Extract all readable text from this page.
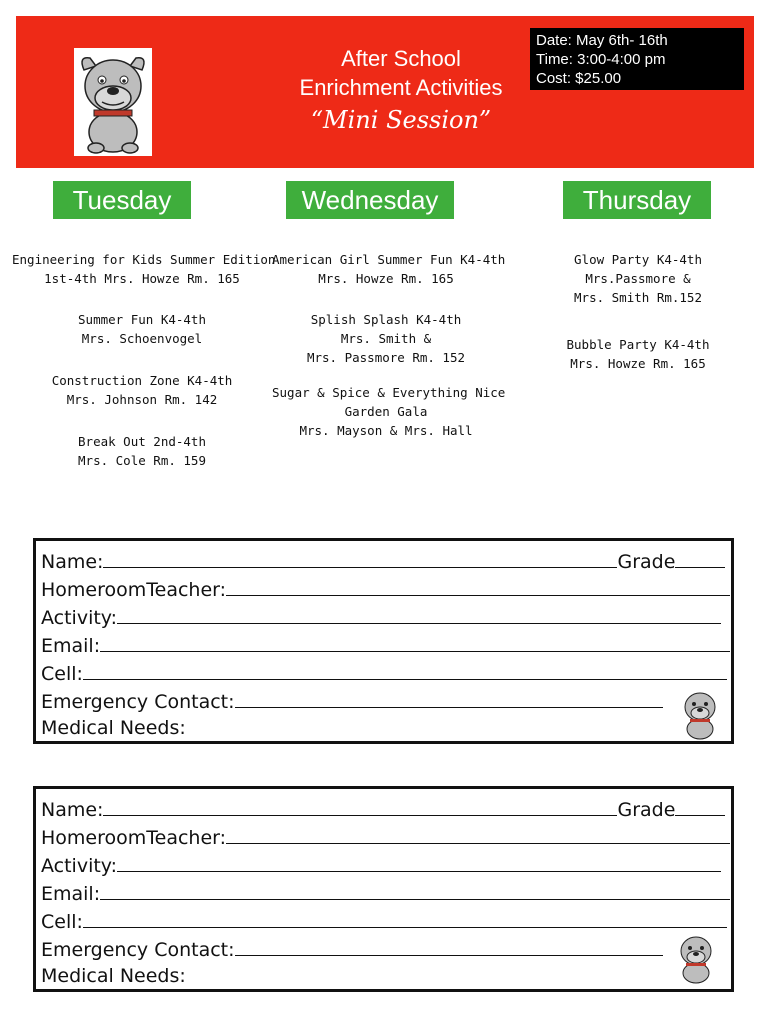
After School
Enrichment Activities
“Mini Session”
Date: May 6th- 16th
Time: 3:00-4:00 pm
Cost: $25.00
Tuesday	Wednesday	Thursday

Engineering for Kids Summer Edition
1st-4th Mrs. Howze Rm. 165

Summer Fun K4-4th
Mrs. Schoenvogel

Construction Zone K4-4th
Mrs. Johnson Rm. 142

Break Out 2nd-4th
Mrs. Cole Rm. 159

American Girl Summer Fun K4-4th
Mrs. Howze Rm. 165

Splish Splash K4-4th
Mrs. Smith &
Mrs. Passmore Rm. 152

Sugar & Spice & Everything Nice
Garden Gala
Mrs. Mayson & Mrs. Hall

Glow Party K4-4th
Mrs.Passmore &
Mrs. Smith Rm.152

Bubble Party K4-4th
Mrs. Howze Rm. 165

Name:	Grade
HomeroomTeacher:
Activity:
Email:
Cell:
Emergency Contact:
Medical Needs:
Name:	Grade
HomeroomTeacher:
Activity:
Email:
Cell:
Emergency Contact:
Medical Needs:
